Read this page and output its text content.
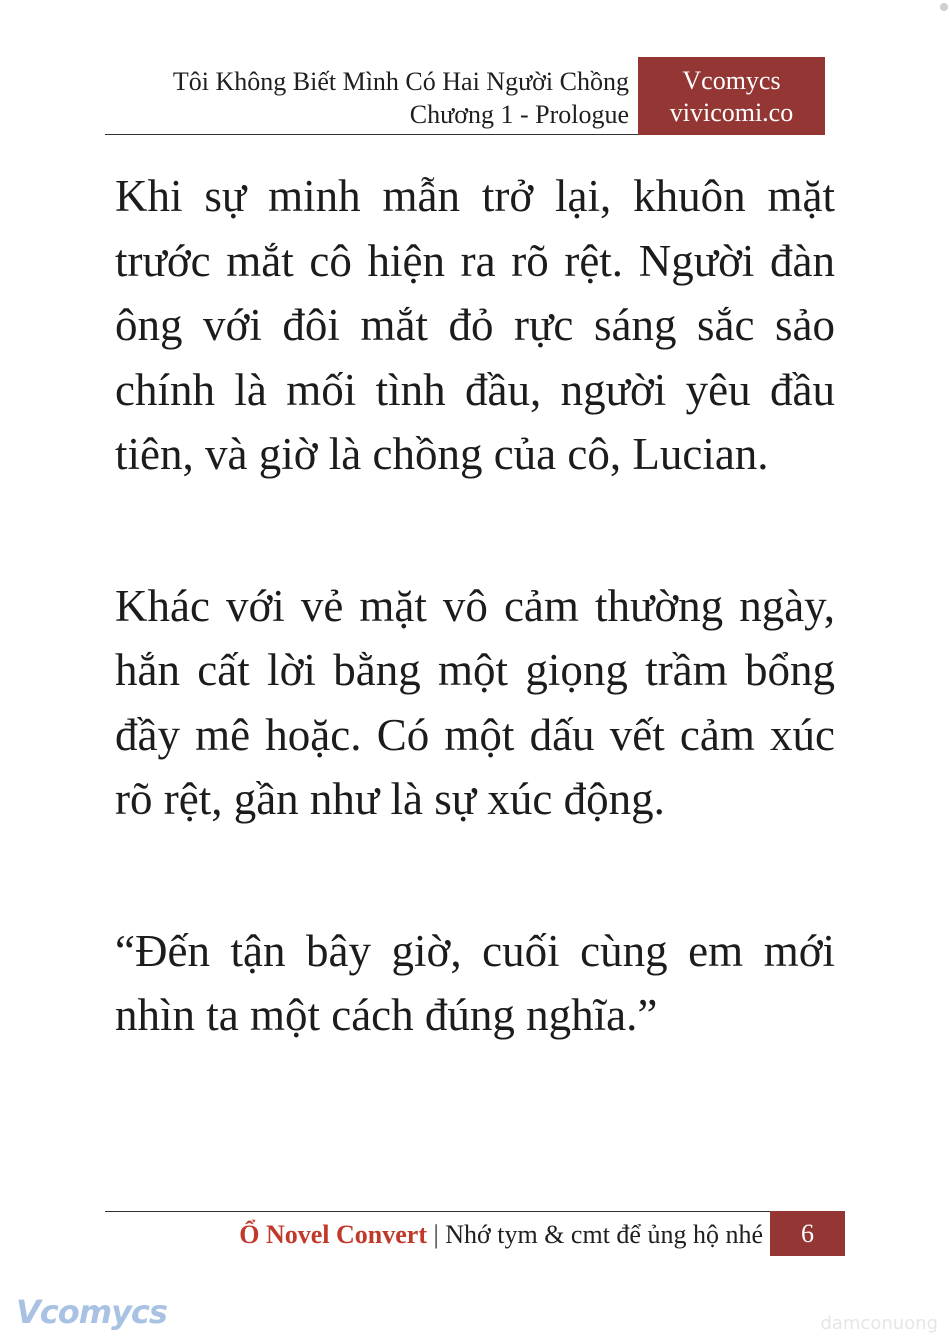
Tôi Không Biết Mình Có Hai Người Chồng
Chương 1 - Prologue
Vcomycs
vivicomi.co

Khi sự minh mẫn trở lại, khuôn mặt trước mắt cô hiện ra rõ rệt. Người đàn ông với đôi mắt đỏ rực sáng sắc sảo chính là mối tình đầu, người yêu đầu tiên, và giờ là chồng của cô, Lucian.

Khác với vẻ mặt vô cảm thường ngày, hắn cất lời bằng một giọng trầm bổng đầy mê hoặc. Có một dấu vết cảm xúc rõ rệt, gần như là sự xúc động.

“Đến tận bây giờ, cuối cùng em mới nhìn ta một cách đúng nghĩa.”

Ổ Novel Convert | Nhớ tym & cmt để ủng hộ nhé	6
Vcomycs	damconuong
